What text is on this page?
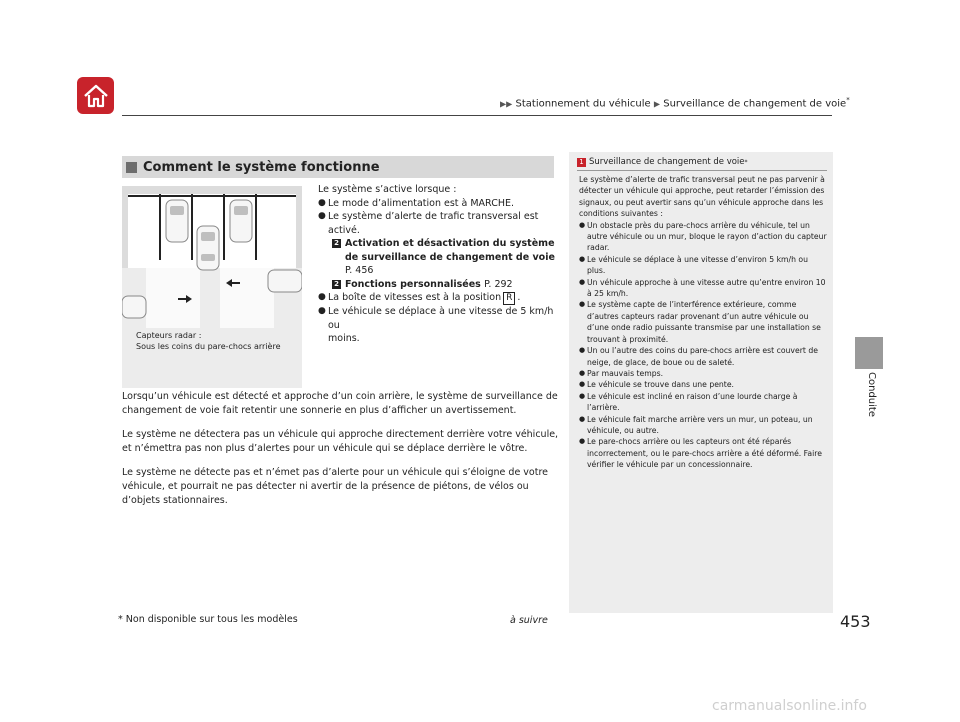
▶▶ Stationnement du véhicule ▶ Surveillance de changement de voie*
Conduite
Comment le système fonctionne
Capteurs radar :
Sous les coins du pare-chocs arrière
Le système s’active lorsque :
● Le mode d’alimentation est à MARCHE.
● Le système d’alerte de trafic transversal est
activé.
2 Activation et désactivation du système
de surveillance de changement de voie
P. 456
2 Fonctions personnalisées P. 292
● La boîte de vitesses est à la position R .
● Le véhicule se déplace à une vitesse de 5 km/h ou
moins.
Lorsqu’un véhicule est détecté et approche d’un coin arrière, le système de surveillance de changement de voie fait retentir une sonnerie en plus d’afficher un avertissement.
Le système ne détectera pas un véhicule qui approche directement derrière votre véhicule, et n’émettra pas non plus d’alertes pour un véhicule qui se déplace derrière le vôtre.
Le système ne détecte pas et n’émet pas d’alerte pour un véhicule qui s’éloigne de votre véhicule, et pourrait ne pas détecter ni avertir de la présence de piétons, de vélos ou d’objets stationnaires.
1 Surveillance de changement de voie *
Le système d’alerte de trafic transversal peut ne pas parvenir à détecter un véhicule qui approche, peut retarder l’émission des signaux, ou peut avertir sans qu’un véhicule approche dans les conditions suivantes :
● Un obstacle près du pare-chocs arrière du véhicule, tel un autre véhicule ou un mur, bloque le rayon d’action du capteur radar.
● Le véhicule se déplace à une vitesse d’environ 5 km/h ou plus.
● Un véhicule approche à une vitesse autre qu’entre environ 10 à 25 km/h.
● Le système capte de l’interférence extérieure, comme d’autres capteurs radar provenant d’un autre véhicule ou d’une onde radio puissante transmise par une installation se trouvant à proximité.
● Un ou l’autre des coins du pare-chocs arrière est couvert de neige, de glace, de boue ou de saleté.
● Par mauvais temps.
● Le véhicule se trouve dans une pente.
● Le véhicule est incliné en raison d’une lourde charge à l’arrière.
● Le véhicule fait marche arrière vers un mur, un poteau, un véhicule, ou autre.
● Le pare-chocs arrière ou les capteurs ont été réparés incorrectement, ou le pare-chocs arrière a été déformé. Faire vérifier le véhicule par un concessionnaire.
* Non disponible sur tous les modèles	à suivre	453
carmanualsonline.info
